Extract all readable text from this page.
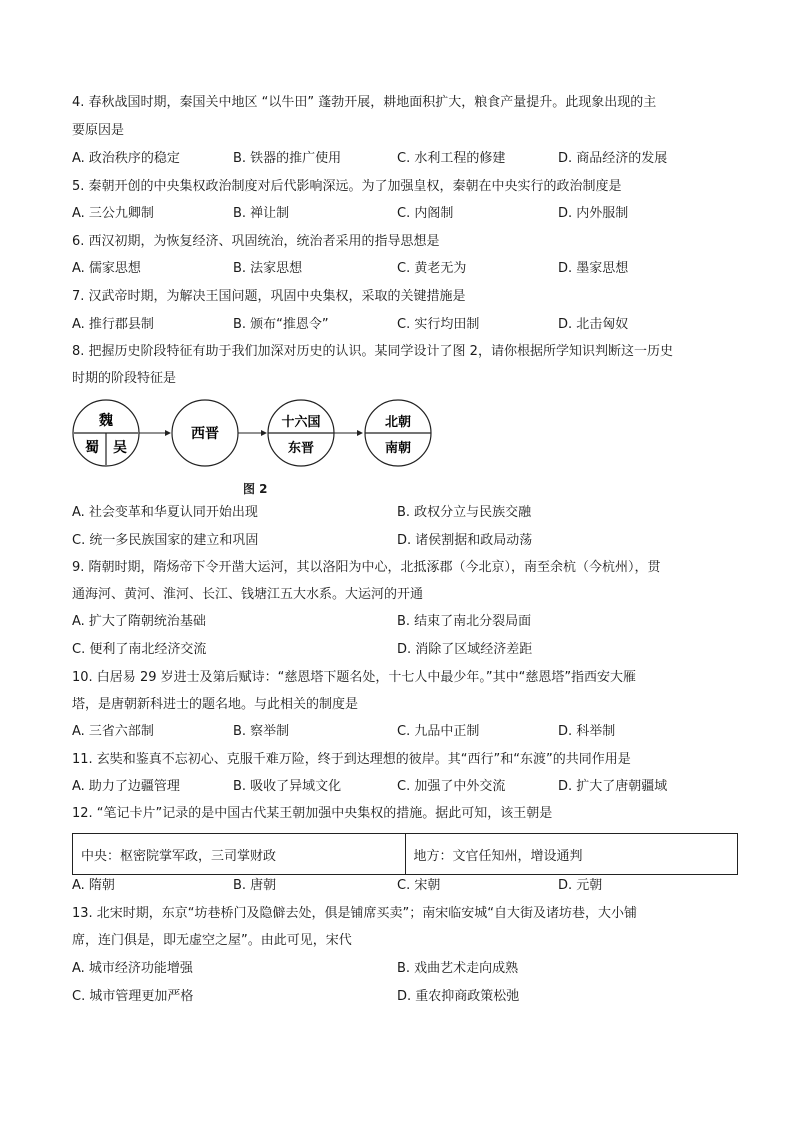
4. 春秋战国时期，秦国关中地区 “以牛田” 蓬勃开展，耕地面积扩大，粮食产量提升。此现象出现的主
要原因是
A. 政治秩序的稳定	B. 铁器的推广使用	C. 水利工程的修建	D. 商品经济的发展
5. 秦朝开创的中央集权政治制度对后代影响深远。为了加强皇权，秦朝在中央实行的政治制度是
A. 三公九卿制	B. 禅让制	C. 内阁制	D. 内外服制
6. 西汉初期，为恢复经济、巩固统治，统治者采用的指导思想是
A. 儒家思想	B. 法家思想	C. 黄老无为	D. 墨家思想
7. 汉武帝时期，为解决王国问题，巩固中央集权，采取的关键措施是
A. 推行郡县制	B. 颁布“推恩令”	C. 实行均田制	D. 北击匈奴
8. 把握历史阶段特征有助于我们加深对历史的认识。某同学设计了图 2，请你根据所学知识判断这一历史
时期的阶段特征是
魏
蜀 吴
西晋
十六国
东晋
北朝
南朝
图 2
A. 社会变革和华夏认同开始出现	B. 政权分立与民族交融
C. 统一多民族国家的建立和巩固	D. 诸侯割据和政局动荡
9. 隋朝时期，隋炀帝下令开凿大运河，其以洛阳为中心，北抵涿郡（今北京），南至余杭（今杭州），贯
通海河、黄河、淮河、长江、钱塘江五大水系。大运河的开通
A. 扩大了隋朝统治基础	B. 结束了南北分裂局面
C. 便利了南北经济交流	D. 消除了区域经济差距
10. 白居易 29 岁进士及第后赋诗：“慈恩塔下题名处，十七人中最少年。”其中“慈恩塔”指西安大雁
塔，是唐朝新科进士的题名地。与此相关的制度是
A. 三省六部制	B. 察举制	C. 九品中正制	D. 科举制
11. 玄奘和鉴真不忘初心、克服千难万险，终于到达理想的彼岸。其“西行”和“东渡”的共同作用是
A. 助力了边疆管理	B. 吸收了异域文化	C. 加强了中外交流	D. 扩大了唐朝疆域
12. “笔记卡片”记录的是中国古代某王朝加强中央集权的措施。据此可知，该王朝是
中央：枢密院掌军政，三司掌财政	地方：文官任知州，增设通判
A. 隋朝	B. 唐朝	C. 宋朝	D. 元朝
13. 北宋时期，东京“坊巷桥门及隐僻去处，俱是铺席买卖”；南宋临安城“自大街及诸坊巷，大小铺
席，连门俱是，即无虚空之屋”。由此可见，宋代
A. 城市经济功能增强	B. 戏曲艺术走向成熟
C. 城市管理更加严格	D. 重农抑商政策松弛
